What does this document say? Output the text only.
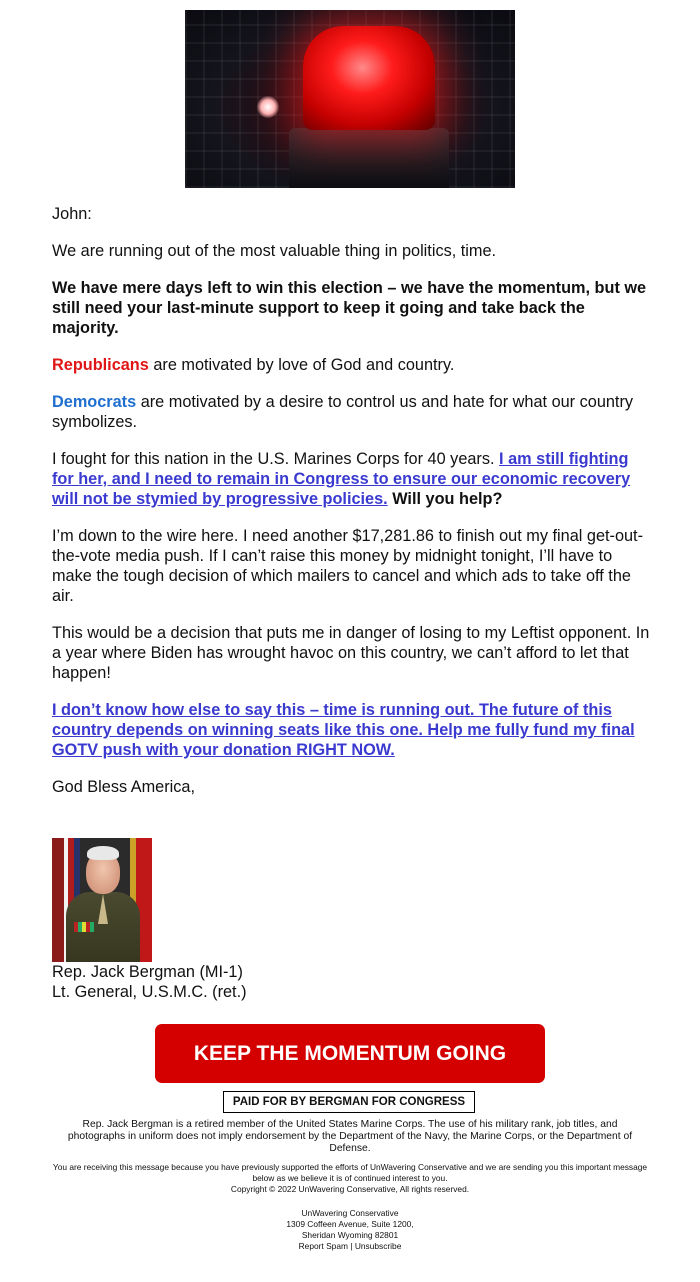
John:

We are running out of the most valuable thing in politics, time.

We have mere days left to win this election – we have the momentum, but we still need your last-minute support to keep it going and take back the majority.

Republicans are motivated by love of God and country.

Democrats are motivated by a desire to control us and hate for what our country symbolizes.

I fought for this nation in the U.S. Marines Corps for 40 years. I am still fighting for her, and I need to remain in Congress to ensure our economic recovery will not be stymied by progressive policies. Will you help?

I’m down to the wire here. I need another $17,281.86 to finish out my final get-out-the-vote media push. If I can’t raise this money by midnight tonight, I’ll have to make the tough decision of which mailers to cancel and which ads to take off the air.

This would be a decision that puts me in danger of losing to my Leftist opponent. In a year where Biden has wrought havoc on this country, we can’t afford to let that happen!

I don’t know how else to say this – time is running out. The future of this country depends on winning seats like this one. Help me fully fund my final GOTV push with your donation RIGHT NOW.

God Bless America,

Rep. Jack Bergman (MI-1)
Lt. General, U.S.M.C. (ret.)
KEEP THE MOMENTUM GOING
PAID FOR BY BERGMAN FOR CONGRESS
Rep. Jack Bergman is a retired member of the United States Marine Corps. The use of his military rank, job titles, and photographs in uniform does not imply endorsement by the Department of the Navy, the Marine Corps, or the Department of Defense.
You are receiving this message because you have previously supported the efforts of UnWavering Conservative and we are sending you this important message below as we believe it is of continued interest to you.
Copyright © 2022 UnWavering Conservative, All rights reserved.
UnWavering Conservative
1309 Coffeen Avenue, Suite 1200,
Sheridan Wyoming 82801
Report Spam | Unsubscribe
